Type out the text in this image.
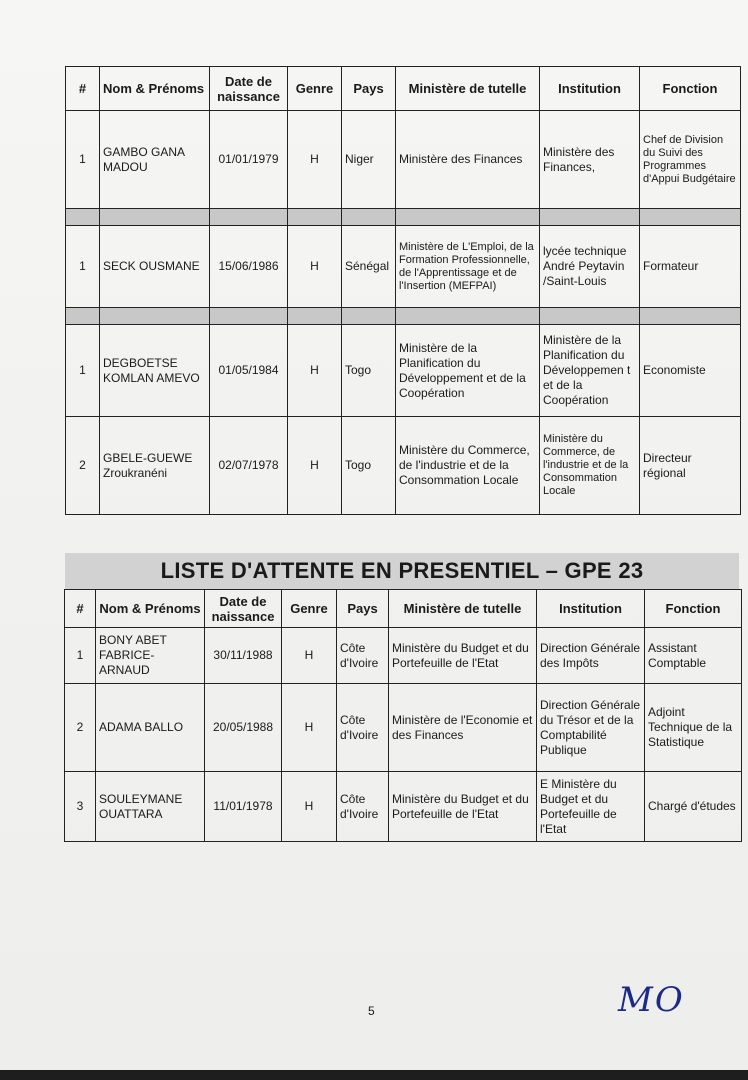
#	Nom & Prénoms	Date de naissance	Genre	Pays	Ministère de tutelle	Institution	Fonction
1	GAMBO GANA MADOU	01/01/1979	H	Niger	Ministère des Finances	Ministère des Finances,	Chef de Division du Suivi des Programmes d'Appui Budgétaire

1	SECK OUSMANE	15/06/1986	H	Sénégal	Ministère de L'Emploi, de la Formation Professionnelle, de l'Apprentissage et de l'Insertion (MEFPAI)	lycée technique André Peytavin /Saint-Louis	Formateur

1	DEGBOETSE KOMLAN AMEVO	01/05/1984	H	Togo	Ministère de la Planification du Développement et de la Coopération	Ministère de la Planification du Développemen t et de la Coopération	Economiste
2	GBELE-GUEWE Zroukranéni	02/07/1978	H	Togo	Ministère du Commerce, de l'industrie et de la Consommation Locale	Ministère du Commerce, de l'industrie et de la Consommation Locale	Directeur régional
LISTE D'ATTENTE EN PRESENTIEL – GPE 23
#	Nom & Prénoms	Date de naissance	Genre	Pays	Ministère de tutelle	Institution	Fonction
1	BONY ABET FABRICE-ARNAUD	30/11/1988	H	Côte d'Ivoire	Ministère du Budget et du Portefeuille de l'Etat	Direction Générale des Impôts	Assistant Comptable
2	ADAMA BALLO	20/05/1988	H	Côte d'Ivoire	Ministère de l'Economie et des Finances	Direction Générale du Trésor et de la Comptabilité Publique	Adjoint Technique de la Statistique
3	SOULEYMANE OUATTARA	11/01/1978	H	Côte d'Ivoire	Ministère du Budget et du Portefeuille de l'Etat	E Ministère du Budget et du Portefeuille de l'Etat	Chargé d'études
5	MO
